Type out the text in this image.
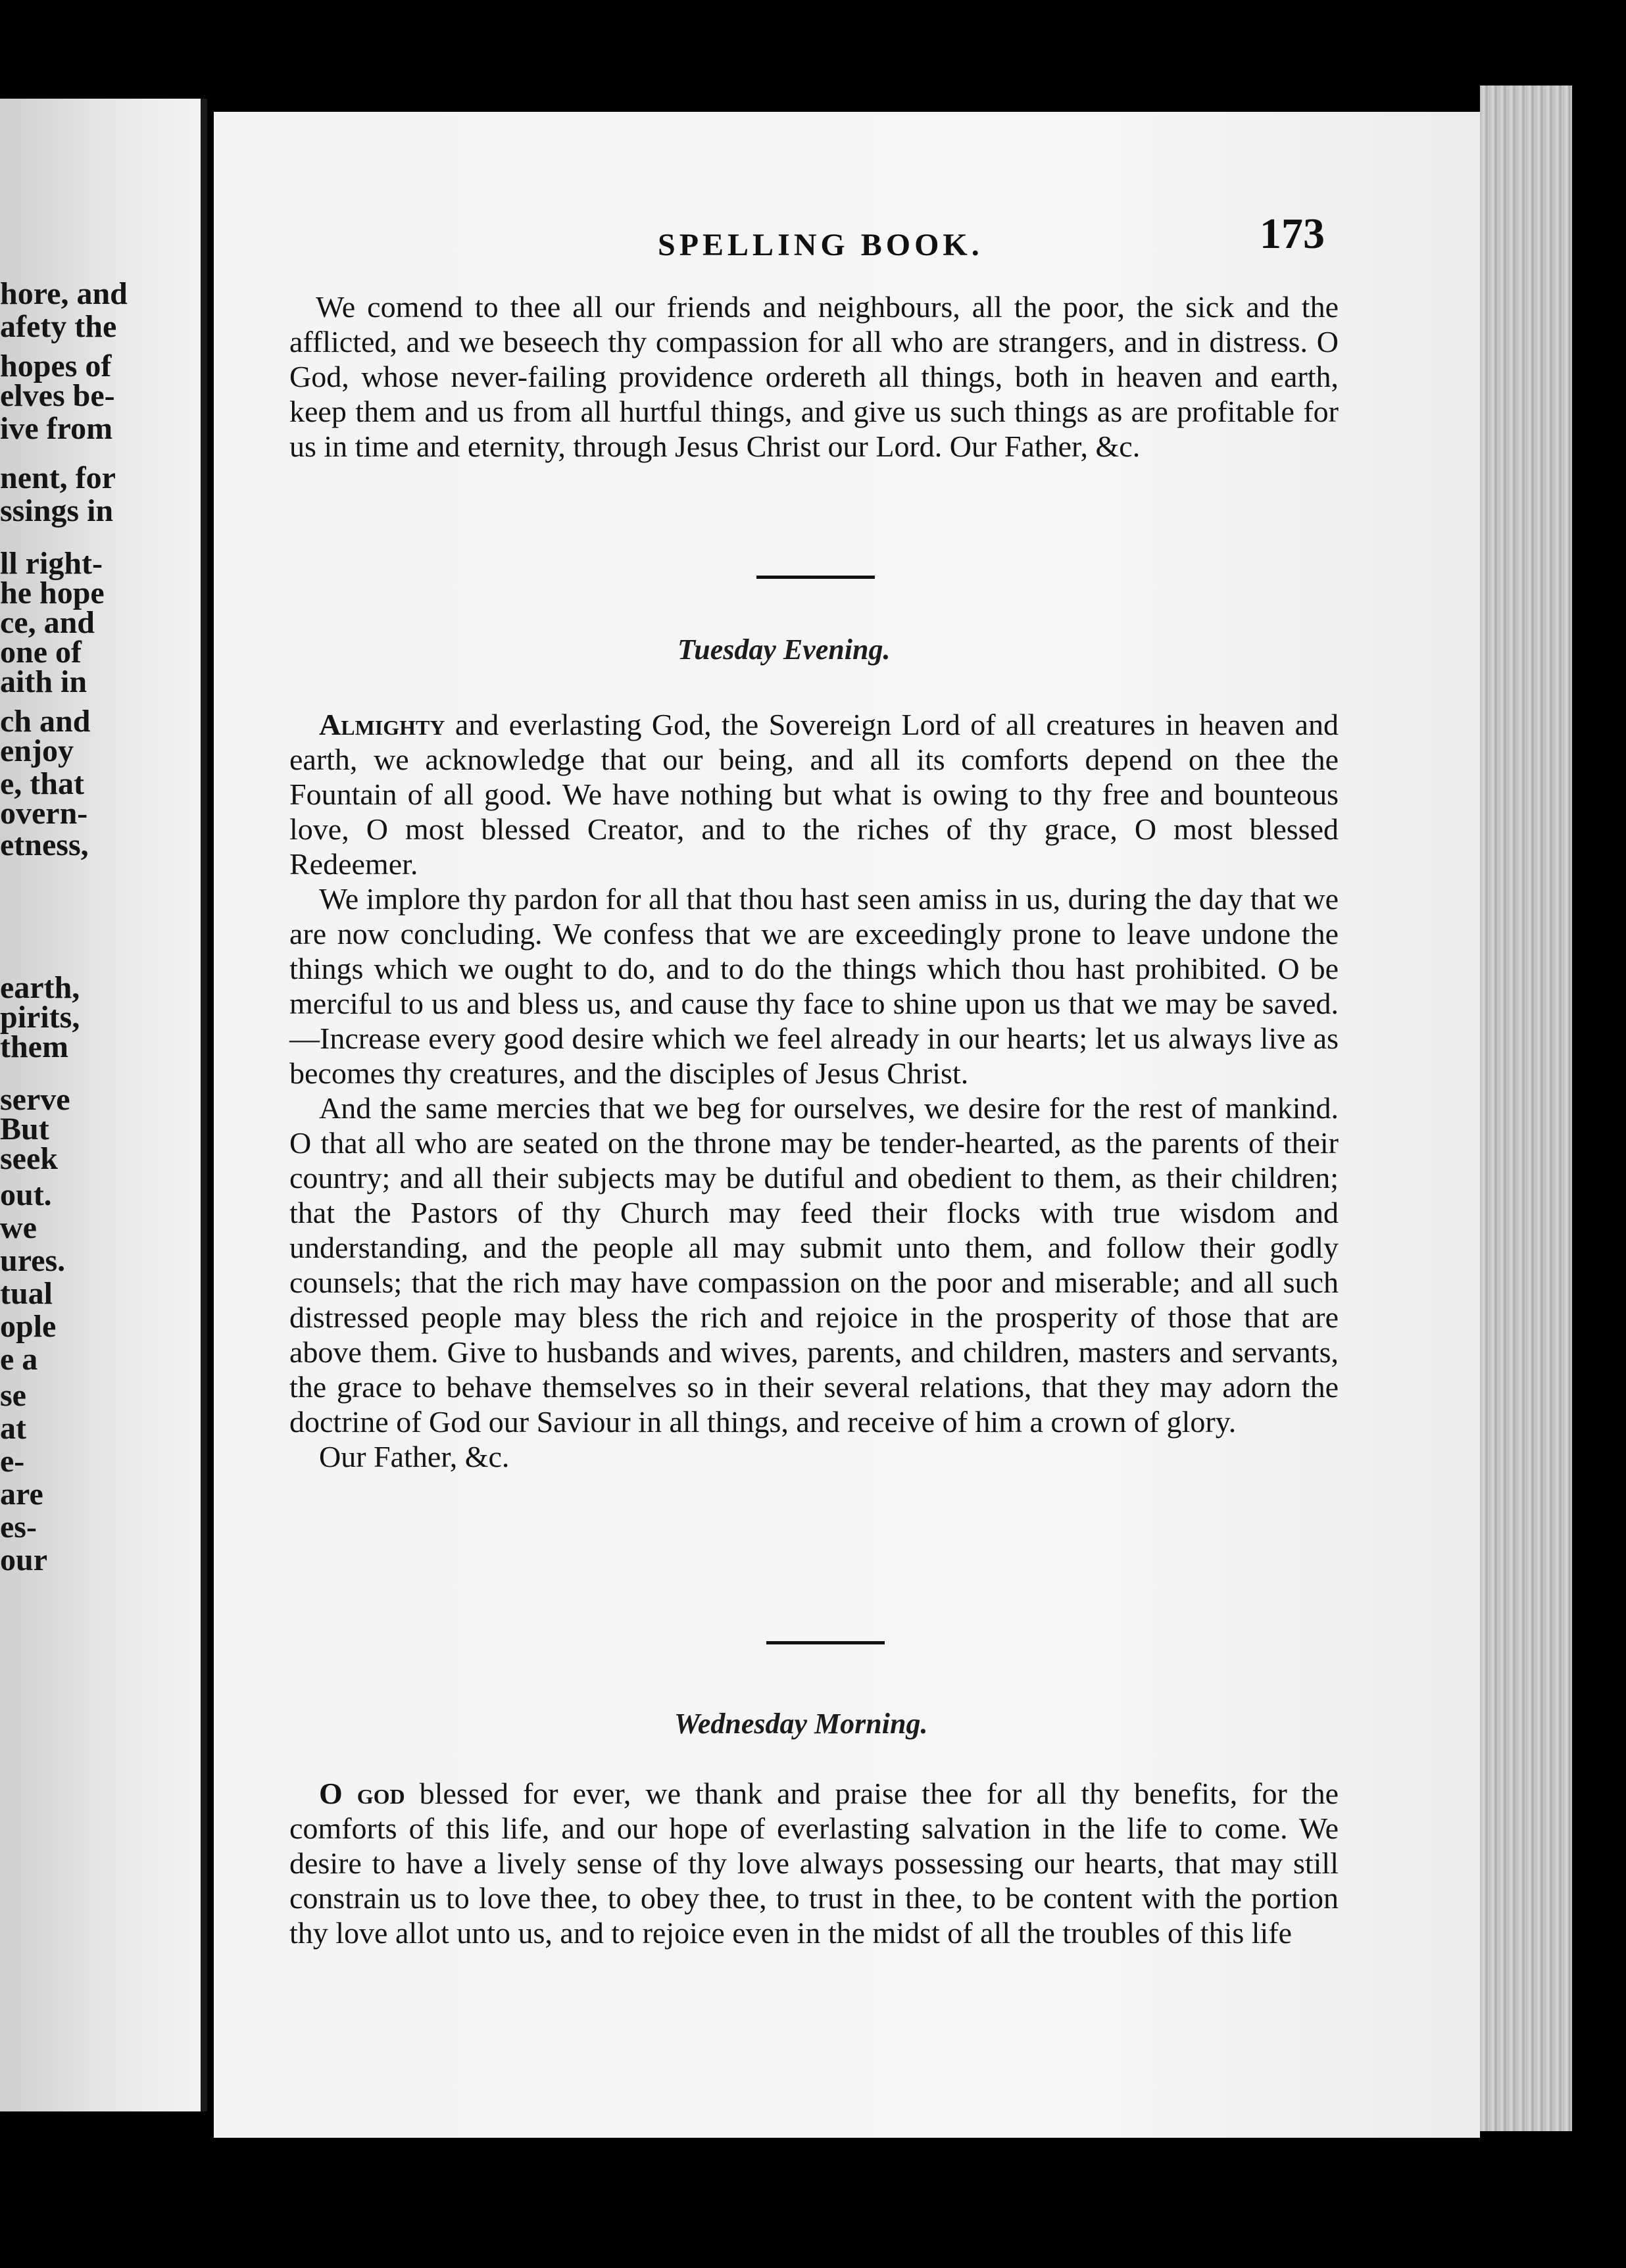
hore, and
afety the
hopes of
elves be-
ive from
nent, for
ssings in
ll right-
he hope
ce, and
one of
aith in
ch and
enjoy
e, that
overn-
etness,
earth,
pirits,
them
serve
But
seek
out.
we
ures.
tual
ople
e a
se
at
e-
are
es-
our
SPELLING BOOK.	173

We comend to thee all our friends and neighbours, all the poor, the sick and the afflicted, and we beseech thy compassion for all who are strangers, and in distress. O God, whose never-failing providence ordereth all things, both in heaven and earth, keep them and us from all hurtful things, and give us such things as are profitable for us in time and eternity, through Jesus Christ our Lord. Our Father, &c.

Tuesday Evening.

Almighty and everlasting God, the Sovereign Lord of all creatures in heaven and earth, we acknowledge that our being, and all its comforts depend on thee the Fountain of all good. We have nothing but what is owing to thy free and bounteous love, O most blessed Creator, and to the riches of thy grace, O most blessed Redeemer.

We implore thy pardon for all that thou hast seen amiss in us, during the day that we are now concluding. We confess that we are exceedingly prone to leave undone the things which we ought to do, and to do the things which thou hast prohibited. O be merciful to us and bless us, and cause thy face to shine upon us that we may be saved.—Increase every good desire which we feel already in our hearts; let us always live as becomes thy creatures, and the disciples of Jesus Christ.

And the same mercies that we beg for ourselves, we desire for the rest of mankind. O that all who are seated on the throne may be tender-hearted, as the parents of their country; and all their subjects may be dutiful and obedient to them, as their children; that the Pastors of thy Church may feed their flocks with true wisdom and understanding, and the people all may submit unto them, and follow their godly counsels; that the rich may have compassion on the poor and miserable; and all such distressed people may bless the rich and rejoice in the prosperity of those that are above them. Give to husbands and wives, parents, and children, masters and servants, the grace to behave themselves so in their several relations, that they may adorn the doctrine of God our Saviour in all things, and receive of him a crown of glory.

Our Father, &c.

Wednesday Morning.

O god blessed for ever, we thank and praise thee for all thy benefits, for the comforts of this life, and our hope of everlasting salvation in the life to come. We desire to have a lively sense of thy love always possessing our hearts, that may still constrain us to love thee, to obey thee, to trust in thee, to be content with the portion thy love allot unto us, and to rejoice even in the midst of all the troubles of this life
